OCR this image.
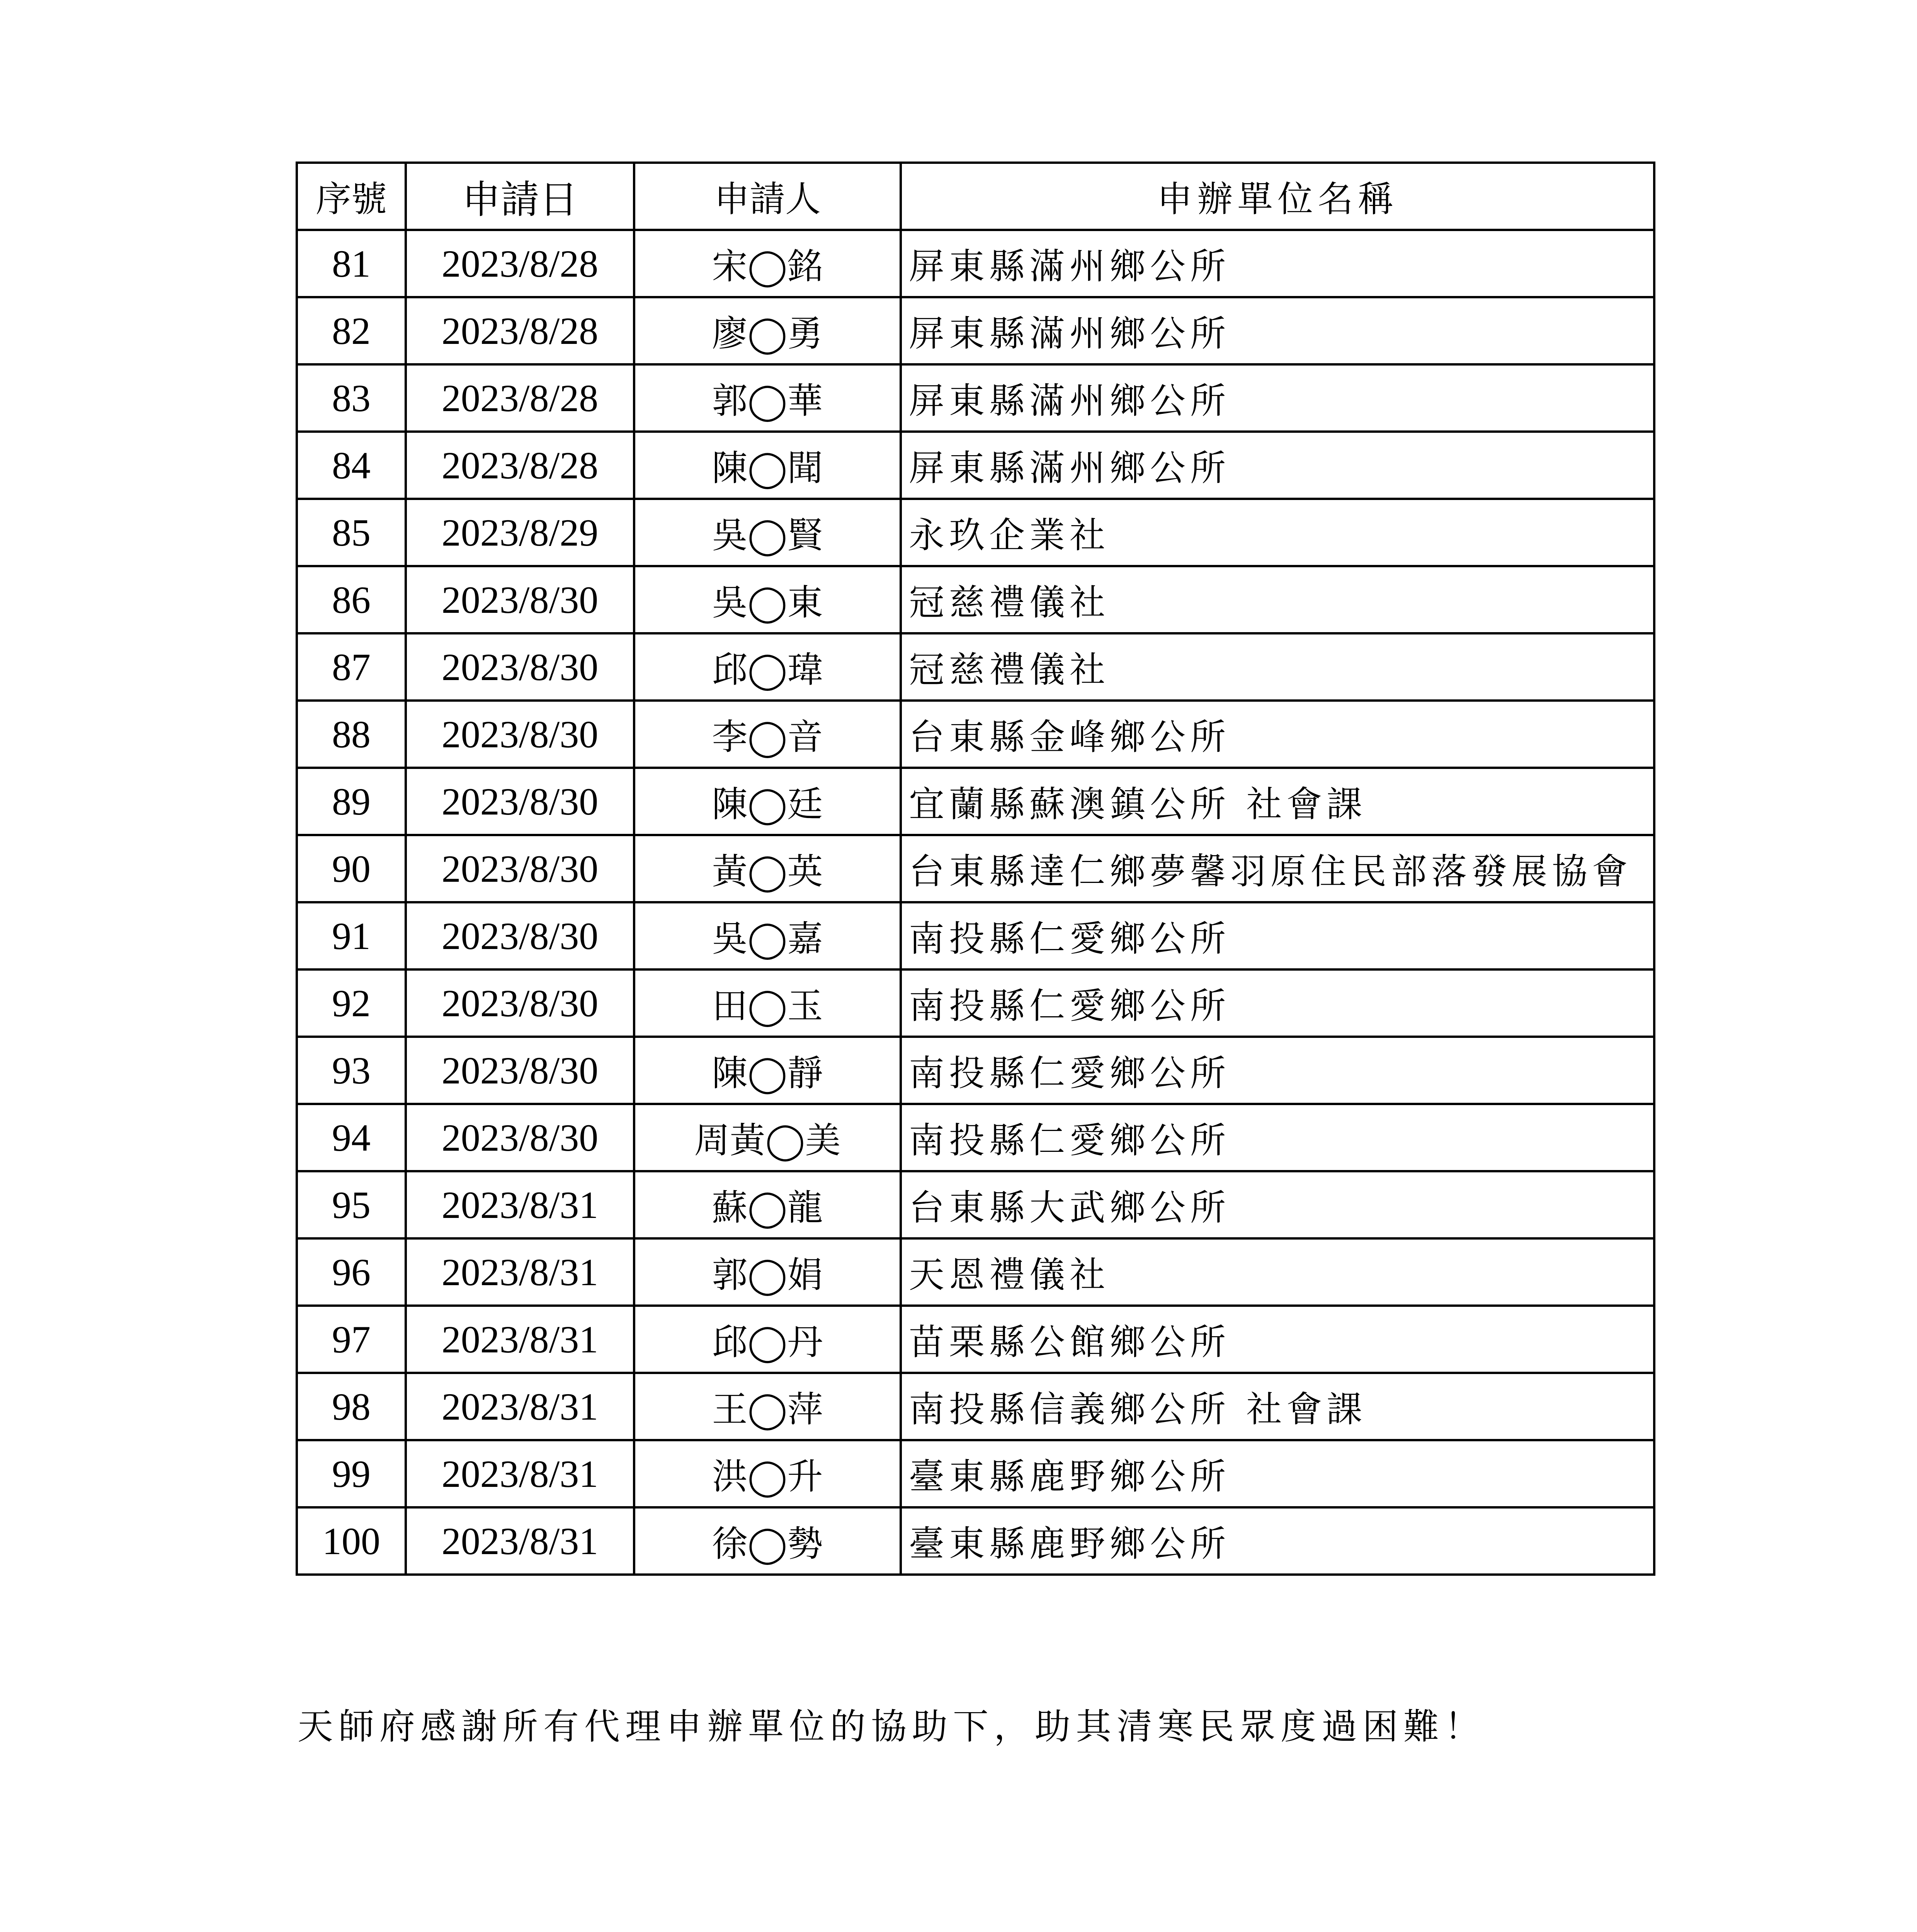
序號	申請日	申請人	申辦單位名稱
81	2023/8/28	宋◯銘	屏東縣滿州鄉公所
82	2023/8/28	廖◯勇	屏東縣滿州鄉公所
83	2023/8/28	郭◯華	屏東縣滿州鄉公所
84	2023/8/28	陳◯聞	屏東縣滿州鄉公所
85	2023/8/29	吳◯賢	永玖企業社
86	2023/8/30	吳◯東	冠慈禮儀社
87	2023/8/30	邱◯瑋	冠慈禮儀社
88	2023/8/30	李◯音	台東縣金峰鄉公所
89	2023/8/30	陳◯廷	宜蘭縣蘇澳鎮公所 社會課
90	2023/8/30	黃◯英	台東縣達仁鄉夢馨羽原住民部落發展協會
91	2023/8/30	吳◯嘉	南投縣仁愛鄉公所
92	2023/8/30	田◯玉	南投縣仁愛鄉公所
93	2023/8/30	陳◯靜	南投縣仁愛鄉公所
94	2023/8/30	周黃◯美	南投縣仁愛鄉公所
95	2023/8/31	蘇◯龍	台東縣大武鄉公所
96	2023/8/31	郭◯娟	天恩禮儀社
97	2023/8/31	邱◯丹	苗栗縣公館鄉公所
98	2023/8/31	王◯萍	南投縣信義鄉公所 社會課
99	2023/8/31	洪◯升	臺東縣鹿野鄉公所
100	2023/8/31	徐◯勢	臺東縣鹿野鄉公所
天師府感謝所有代理申辦單位的協助下，助其清寒民眾度過困難！
